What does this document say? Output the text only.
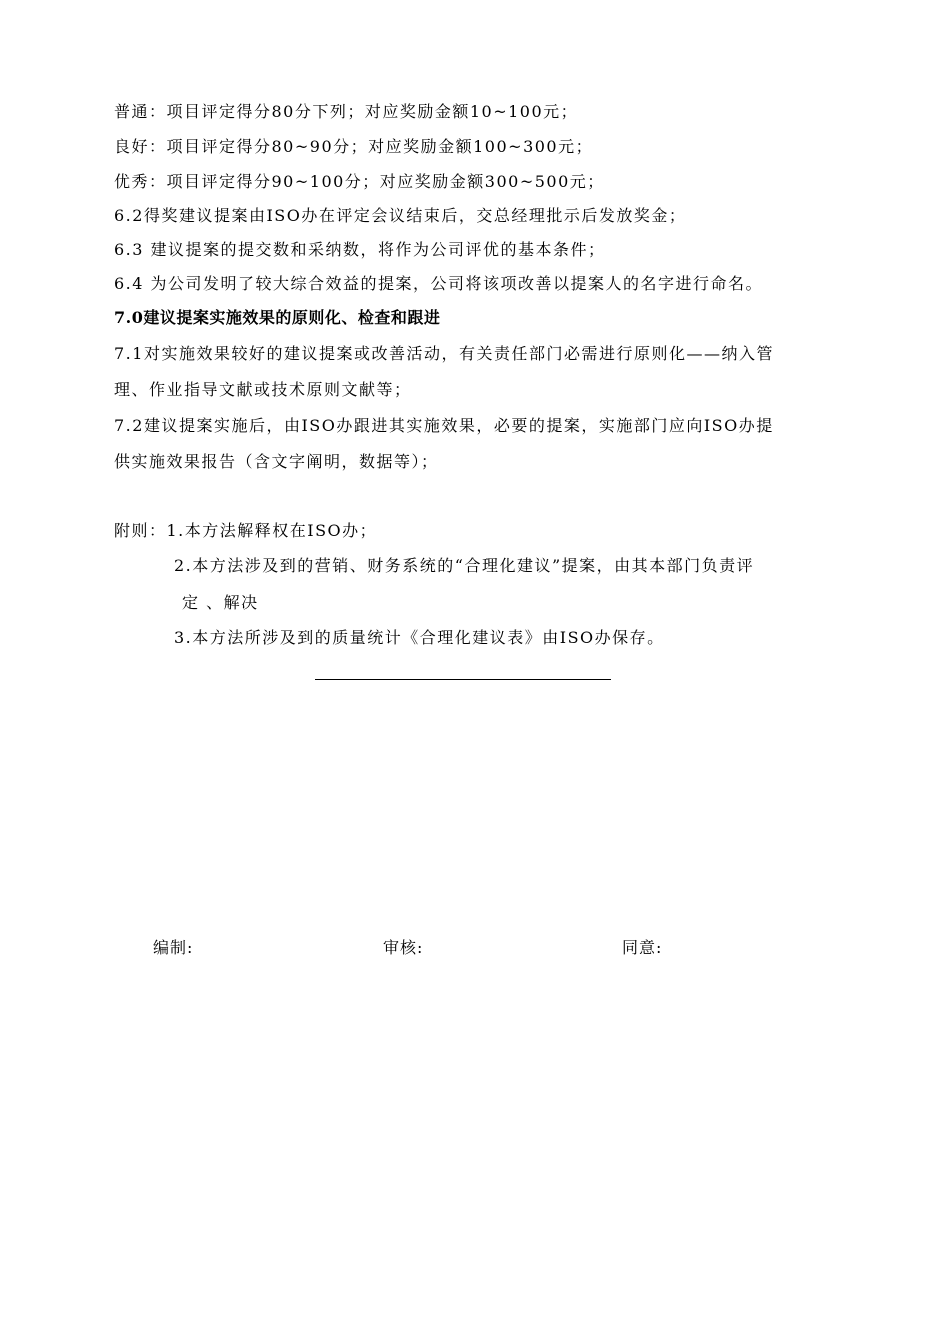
普通：项目评定得分80分下列；对应奖励金额10~100元；
良好：项目评定得分80~90分；对应奖励金额100~300元；
优秀：项目评定得分90~100分；对应奖励金额300~500元；
6.2得奖建议提案由ISO办在评定会议结束后，交总经理批示后发放奖金；
6.3 建议提案的提交数和采纳数，将作为公司评优的基本条件；
6.4 为公司发明了较大综合效益的提案，公司将该项改善以提案人的名字进行命名。
7.0建议提案实施效果的原则化、检查和跟进
7.1对实施效果较好的建议提案或改善活动，有关责任部门必需进行原则化——纳入管
理、作业指导文献或技术原则文献等；
7.2建议提案实施后，由ISO办跟进其实施效果，必要的提案，实施部门应向ISO办提
供实施效果报告（含文字阐明，数据等）；
附则：1.本方法解释权在ISO办；
2.本方法涉及到的营销、财务系统的“合理化建议”提案，由其本部门负责评
定 、解决
3.本方法所涉及到的质量统计《合理化建议表》由ISO办保存。
编制:	审核:	同意:
